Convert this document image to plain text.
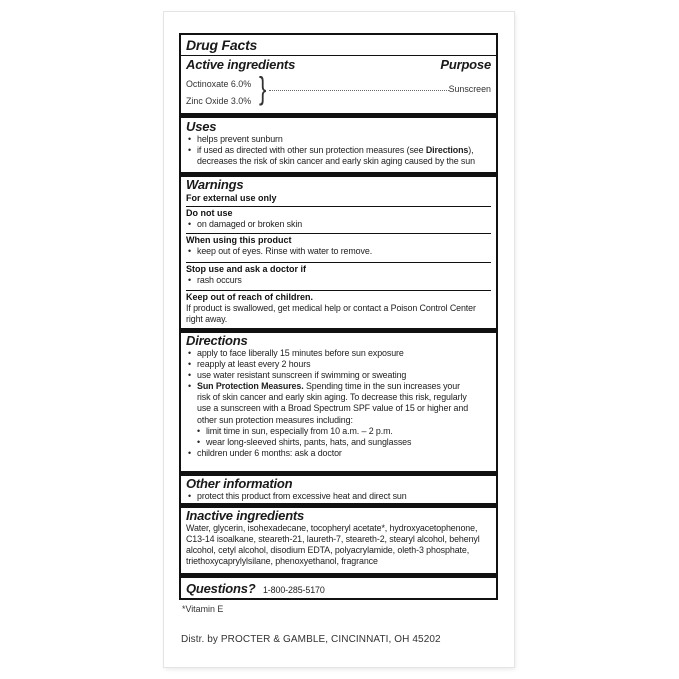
Drug Facts
Active ingredients	Purpose
Octinoxate 6.0%
Zinc Oxide 3.0% }	Sunscreen
Uses
• helps prevent sunburn
• if used as directed with other sun protection measures (see Directions),
decreases the risk of skin cancer and early skin aging caused by the sun
Warnings
For external use only
Do not use
• on damaged or broken skin
When using this product
• keep out of eyes. Rinse with water to remove.
Stop use and ask a doctor if
• rash occurs
Keep out of reach of children.
If product is swallowed, get medical help or contact a Poison Control Center
right away.
Directions
• apply to face liberally 15 minutes before sun exposure
• reapply at least every 2 hours
• use water resistant sunscreen if swimming or sweating
• Sun Protection Measures. Spending time in the sun increases your
risk of skin cancer and early skin aging. To decrease this risk, regularly
use a sunscreen with a Broad Spectrum SPF value of 15 or higher and
other sun protection measures including:
• limit time in sun, especially from 10 a.m. – 2 p.m.
• wear long-sleeved shirts, pants, hats, and sunglasses
• children under 6 months: ask a doctor
Other information
• protect this product from excessive heat and direct sun
Inactive ingredients
Water, glycerin, isohexadecane, tocopheryl acetate*, hydroxyacetophenone,
C13-14 isoalkane, steareth-21, laureth-7, steareth-2, stearyl alcohol, behenyl
alcohol, cetyl alcohol, disodium EDTA, polyacrylamide, oleth-3 phosphate,
triethoxycaprylylsilane, phenoxyethanol, fragrance
Questions? 1-800-285-5170
*Vitamin E
Distr. by PROCTER & GAMBLE, CINCINNATI, OH 45202
